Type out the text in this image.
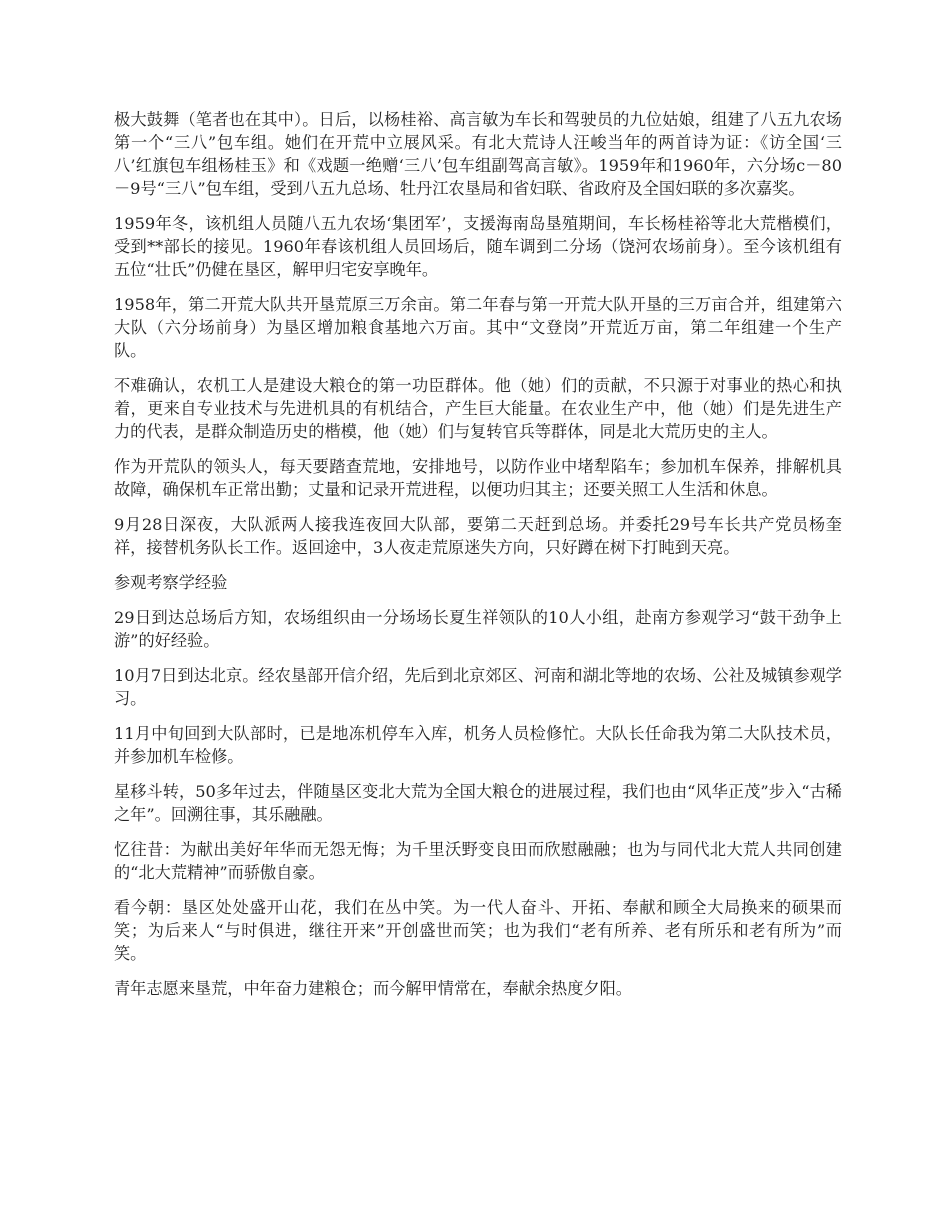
极大鼓舞（笔者也在其中）。日后，以杨桂裕、高言敏为车长和驾驶员的九位姑娘，组建了八五九农场第一个“三八”包车组。她们在开荒中立展风采。有北大荒诗人汪峻当年的两首诗为证：《访全国‘三八’红旗包车组杨桂玉》和《戏题一绝赠‘三八’包车组副驾高言敏》。1959年和1960年，六分场c－80－9号“三八”包车组，受到八五九总场、牡丹江农垦局和省妇联、省政府及全国妇联的多次嘉奖。

1959年冬，该机组人员随八五九农场‘集团军’，支援海南岛垦殖期间，车长杨桂裕等北大荒楷模们，受到**部长的接见。1960年春该机组人员回场后，随车调到二分场（饶河农场前身）。至今该机组有五位“壮氏”仍健在垦区，解甲归宅安享晚年。

1958年，第二开荒大队共开垦荒原三万余亩。第二年春与第一开荒大队开垦的三万亩合并，组建第六大队（六分场前身）为垦区增加粮食基地六万亩。其中“文登岗”开荒近万亩，第二年组建一个生产队。

不难确认，农机工人是建设大粮仓的第一功臣群体。他（她）们的贡献，不只源于对事业的热心和执着，更来自专业技术与先进机具的有机结合，产生巨大能量。在农业生产中，他（她）们是先进生产力的代表，是群众制造历史的楷模，他（她）们与复转官兵等群体，同是北大荒历史的主人。

作为开荒队的领头人，每天要踏查荒地，安排地号，以防作业中堵犁陷车；参加机车保养，排解机具故障，确保机车正常出勤；丈量和记录开荒进程，以便功归其主；还要关照工人生活和休息。

9月28日深夜，大队派两人接我连夜回大队部，要第二天赶到总场。并委托29号车长共产党员杨奎祥，接替机务队长工作。返回途中，3人夜走荒原迷失方向，只好蹲在树下打盹到天亮。

参观考察学经验

29日到达总场后方知，农场组织由一分场场长夏生祥领队的10人小组，赴南方参观学习“鼓干劲争上游”的好经验。

10月7日到达北京。经农垦部开信介绍，先后到北京郊区、河南和湖北等地的农场、公社及城镇参观学习。

11月中旬回到大队部时，已是地冻机停车入库，机务人员检修忙。大队长任命我为第二大队技术员，并参加机车检修。

星移斗转，50多年过去，伴随垦区变北大荒为全国大粮仓的进展过程，我们也由“风华正茂”步入“古稀之年”。回溯往事，其乐融融。

忆往昔：为献出美好年华而无怨无悔；为千里沃野变良田而欣慰融融；也为与同代北大荒人共同创建的“北大荒精神”而骄傲自豪。

看今朝：垦区处处盛开山花，我们在丛中笑。为一代人奋斗、开拓、奉献和顾全大局换来的硕果而笑；为后来人“与时俱进，继往开来”开创盛世而笑；也为我们“老有所养、老有所乐和老有所为”而笑。

青年志愿来垦荒，中年奋力建粮仓；而今解甲情常在，奉献余热度夕阳。
